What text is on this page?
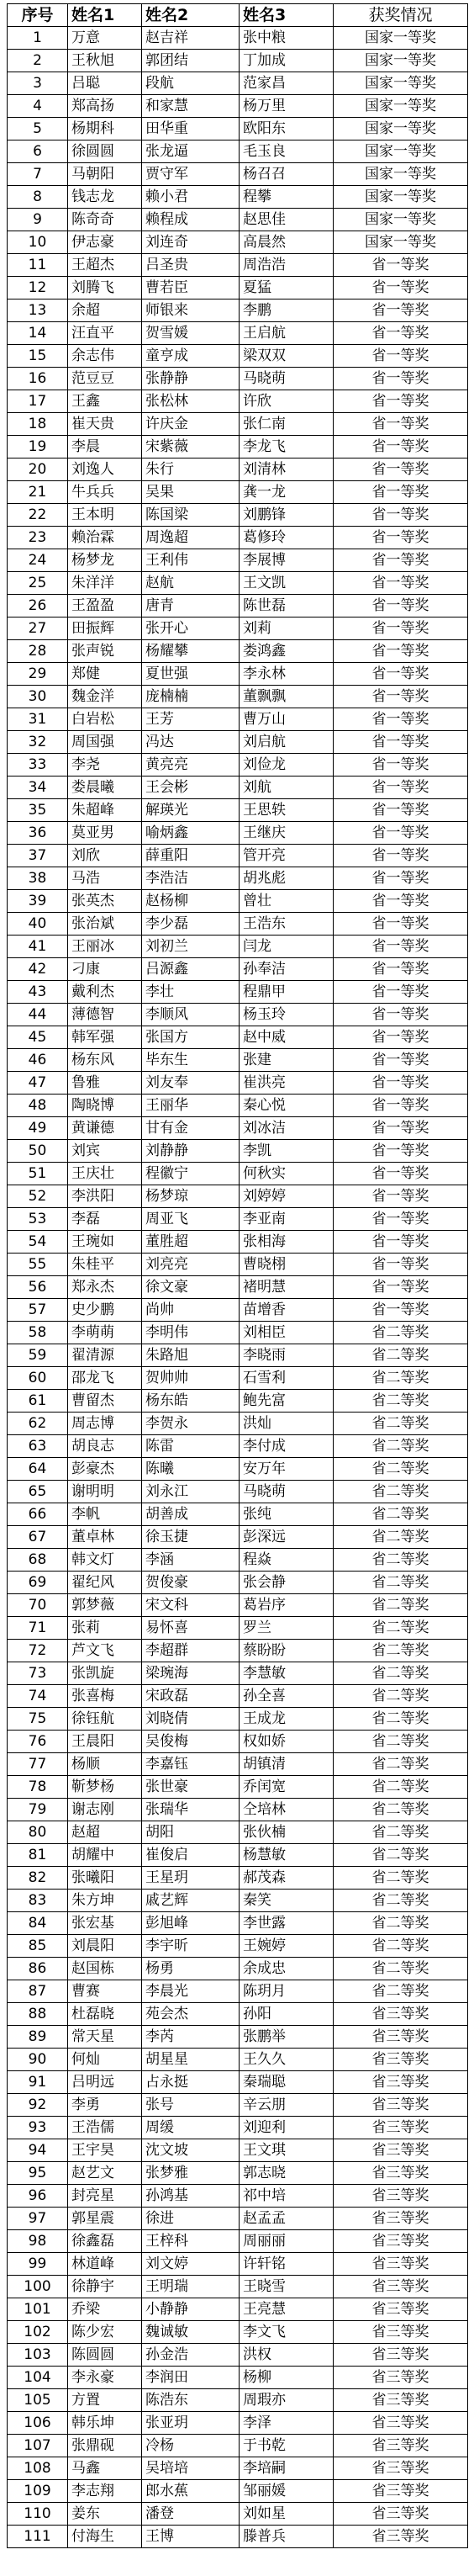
序号	姓名1	姓名2	姓名3	获奖情况
1	万意	赵吉祥	张中粮	国家一等奖
2	王秋旭	郭团结	丁加成	国家一等奖
3	吕聪	段航	范家昌	国家一等奖
4	郑高扬	和家慧	杨万里	国家一等奖
5	杨期科	田华重	欧阳东	国家一等奖
6	徐圆圆	张龙逼	毛玉良	国家一等奖
7	马朝阳	贾守军	杨召召	国家一等奖
8	钱志龙	赖小君	程攀	国家一等奖
9	陈奇奇	赖程成	赵思佳	国家一等奖
10	伊志豪	刘连奇	高晨然	国家一等奖
11	王超杰	吕圣贵	周浩浩	省一等奖
12	刘腾飞	曹若臣	夏猛	省一等奖
13	余超	师银来	李鹏	省一等奖
14	汪直平	贺雪媛	王启航	省一等奖
15	余志伟	童亨成	梁双双	省一等奖
16	范豆豆	张静静	马晓萌	省一等奖
17	王鑫	张松林	许欣	省一等奖
18	崔天贵	许庆金	张仁南	省一等奖
19	李晨	宋紫薇	李龙飞	省一等奖
20	刘逸人	朱行	刘清林	省一等奖
21	牛兵兵	吴果	龚一龙	省一等奖
22	王本明	陈国梁	刘鹏锋	省一等奖
23	赖治霖	周逸超	葛修玲	省一等奖
24	杨梦龙	王利伟	李展博	省一等奖
25	朱洋洋	赵航	王文凯	省一等奖
26	王盈盈	唐青	陈世磊	省一等奖
27	田振辉	张开心	刘莉	省一等奖
28	张声锐	杨耀攀	娄鸿鑫	省一等奖
29	郑健	夏世强	李永林	省一等奖
30	魏金洋	庞楠楠	董飘飘	省一等奖
31	白岩松	王芳	曹万山	省一等奖
32	周国强	冯达	刘启航	省一等奖
33	李尧	黄亮亮	刘俭龙	省一等奖
34	娄晨曦	王会彬	刘航	省一等奖
35	朱超峰	解瑛光	王思轶	省一等奖
36	莫亚男	喻炳鑫	王继庆	省一等奖
37	刘欣	薛重阳	管开亮	省一等奖
38	马浩	李浩洁	胡兆彪	省一等奖
39	张英杰	赵杨柳	曾壮	省一等奖
40	张治斌	李少磊	王浩东	省一等奖
41	王丽冰	刘初兰	闫龙	省一等奖
42	刁康	吕源鑫	孙奉洁	省一等奖
43	戴利杰	李壮	程鼎甲	省一等奖
44	薄德智	李顺风	杨玉玲	省一等奖
45	韩军强	张国方	赵中威	省一等奖
46	杨东风	毕东生	张建	省一等奖
47	鲁雅	刘友奉	崔洪亮	省一等奖
48	陶晓博	王丽华	秦心悦	省一等奖
49	黄谦德	甘有金	刘冰洁	省一等奖
50	刘宾	刘静静	李凯	省一等奖
51	王庆壮	程徽宁	何秋实	省一等奖
52	李洪阳	杨梦琼	刘婷婷	省一等奖
53	李磊	周亚飞	李亚南	省一等奖
54	王琬如	董胜超	张相海	省一等奖
55	朱桂平	刘亮亮	曹晓栩	省一等奖
56	郑永杰	徐文豪	褚明慧	省一等奖
57	史少鹏	尚帅	苗增香	省一等奖
58	李萌萌	李明伟	刘相臣	省二等奖
59	翟清源	朱路旭	李晓雨	省二等奖
60	邵龙飞	贺帅帅	石雪利	省二等奖
61	曹留杰	杨东皓	鲍先富	省二等奖
62	周志博	李贺永	洪灿	省二等奖
63	胡良志	陈雷	李付成	省二等奖
64	彭豪杰	陈曦	安万年	省二等奖
65	谢明明	刘永江	马晓萌	省二等奖
66	李帆	胡善成	张纯	省二等奖
67	董卓林	徐玉捷	彭深远	省二等奖
68	韩文灯	李涵	程焱	省二等奖
69	翟纪风	贺俊豪	张会静	省二等奖
70	郭梦薇	宋文科	葛岩序	省二等奖
71	张莉	易怀喜	罗兰	省二等奖
72	芦文飞	李超群	蔡盼盼	省二等奖
73	张凯旋	梁琬海	李慧敏	省二等奖
74	张喜梅	宋政磊	孙全喜	省二等奖
75	徐钰航	刘晓倩	王成龙	省二等奖
76	王晨阳	吴俊梅	权如娇	省二等奖
77	杨顺	李嘉钰	胡镇清	省二等奖
78	靳梦杨	张世豪	乔闰宽	省二等奖
79	谢志刚	张瑞华	仝培林	省二等奖
80	赵超	胡阳	张伙楠	省二等奖
81	胡耀中	崔俊启	杨慧敏	省二等奖
82	张曦阳	王星玥	郝茂森	省二等奖
83	朱方坤	戚艺辉	秦笑	省二等奖
84	张宏基	彭旭峰	李世露	省二等奖
85	刘晨阳	李宇昕	王婉婷	省二等奖
86	赵国栋	杨勇	余成忠	省二等奖
87	曹赛	李晨光	陈玥月	省二等奖
88	杜磊晓	苑会杰	孙阳	省三等奖
89	常天星	李芮	张鹏举	省三等奖
90	何灿	胡星星	王久久	省三等奖
91	吕明远	占永挺	秦瑞聪	省三等奖
92	李勇	张号	辛云朋	省三等奖
93	王浩儒	周缓	刘迎利	省三等奖
94	王宇昊	沈文坡	王文琪	省三等奖
95	赵艺文	张梦雅	郭志晓	省三等奖
96	封亮星	孙鸿基	祁中培	省三等奖
97	郭星震	徐进	赵孟孟	省三等奖
98	徐鑫磊	王梓科	周丽丽	省三等奖
99	林道峰	刘文婷	许轩铭	省三等奖
100	徐静宇	王明瑞	王晓雪	省三等奖
101	乔梁	小静静	王亮慧	省三等奖
102	陈少宏	魏诚敏	李文飞	省三等奖
103	陈圆圆	孙金浩	洪权	省三等奖
104	李永豪	李润田	杨柳	省三等奖
105	方置	陈浩东	周瑕亦	省三等奖
106	韩乐坤	张亚玥	李泽	省三等奖
107	张鼎砚	冷杨	于书乾	省三等奖
108	马鑫	吴培培	李培嗣	省三等奖
109	李志翔	郎水蕉	邹丽媛	省三等奖
110	姜东	潘登	刘如星	省三等奖
111	付海生	王博	滕普兵	省三等奖
